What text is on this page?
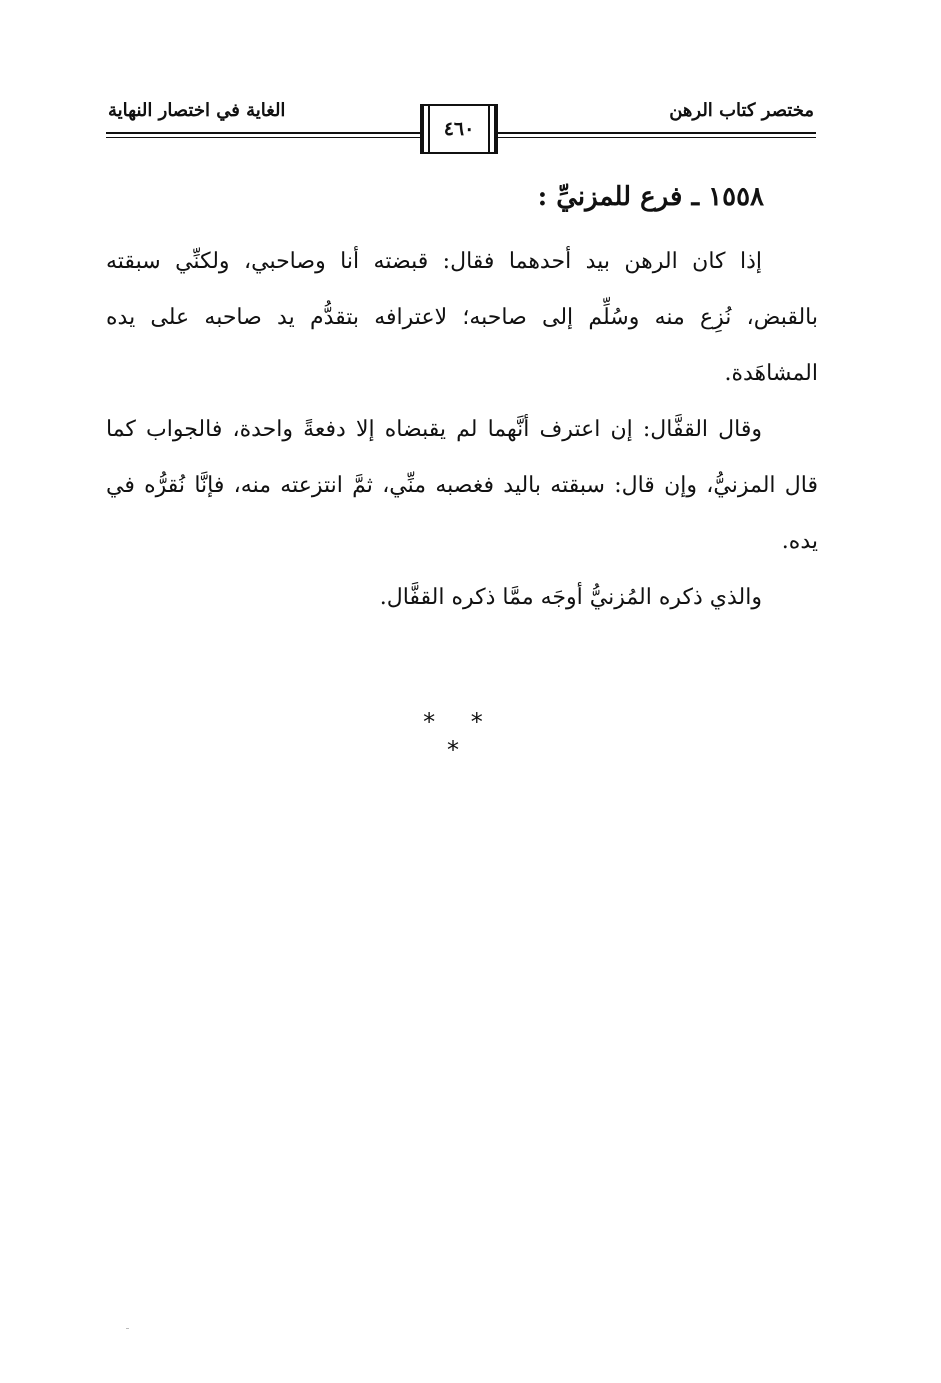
الغاية في اختصار النهاية	مختصر كتاب الرهن
٤٦٠
١٥٥٨ ـ فرع للمزنيِّ :
إذا كان الرهن بيد أحدهما فقال: قبضته أنا وصاحبي، ولكنِّي سبقته بالقبض، نُزِع منه وسُلِّم إلى صاحبه؛ لاعترافه بتقدُّم يد صاحبه على يده المشاهَدة.
وقال القفَّال: إن اعترف أنَّهما لم يقبضاه إلا دفعةً واحدة، فالجواب كما قال المزنيُّ، وإن قال: سبقته باليد فغصبه منِّي، ثمَّ انتزعته منه، فإنَّا نُقرُّه في يده.
والذي ذكره المُزنيُّ أوجَه ممَّا ذكره القفَّال.
* * *
